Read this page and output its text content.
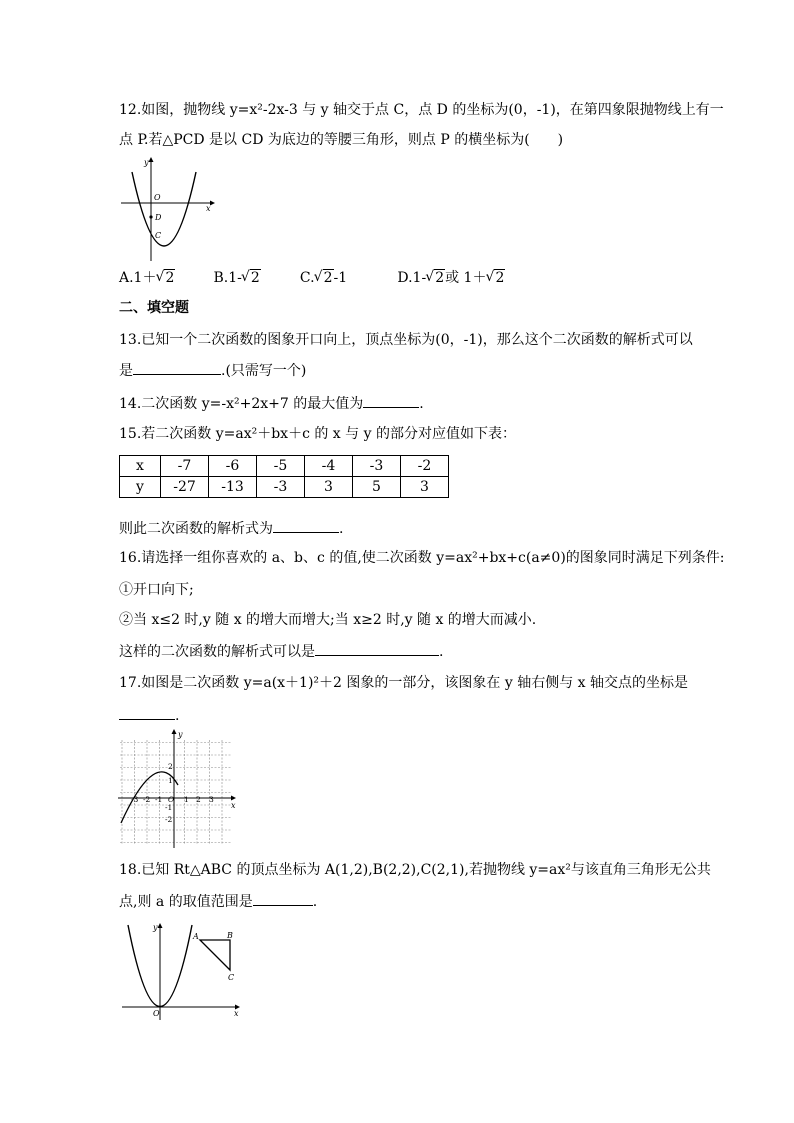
12.如图，抛物线 y=x²-2x-3 与 y 轴交于点 C，点 D 的坐标为(0，-1)，在第四象限抛物线上有一
点 P.若△PCD 是以 CD 为底边的等腰三角形，则点 P 的横坐标为(　　)
y
x
O
D
C
A.1＋ √ 2	B.1- √ 2	C. √ 2-1	D.1- √ 2或 1＋ √ 2
二、填空题
13.已知一个二次函数的图象开口向上，顶点坐标为(0，-1)，那么这个二次函数的解析式可以
是	.(只需写一个)
14.二次函数 y=-x²+2x+7 的最大值为	.
15.若二次函数 y=ax²＋bx＋c 的 x 与 y 的部分对应值如下表：
x	-7	-6	-5	-4	-3	-2
y	-27	-13	-3	3	5	3
则此二次函数的解析式为	.
16.请选择一组你喜欢的 a、b、c 的值,使二次函数 y=ax²+bx+c(a≠0)的图象同时满足下列条件:
①开口向下;
②当 x≤2 时,y 随 x 的增大而增大;当 x≥2 时,y 随 x 的增大而减小.
这样的二次函数的解析式可以是	.
17.如图是二次函数 y=a(x＋1)²＋2 图象的一部分，该图象在 y 轴右侧与 x 轴交点的坐标是
.
y
x
2
1
-1
-2
-3 -2 -1 O 1 2 3
18.已知 Rt△ABC 的顶点坐标为 A(1,2),B(2,2),C(2,1),若抛物线 y=ax²与该直角三角形无公共
点,则 a 的取值范围是	.
y
x
O
A	B
C
